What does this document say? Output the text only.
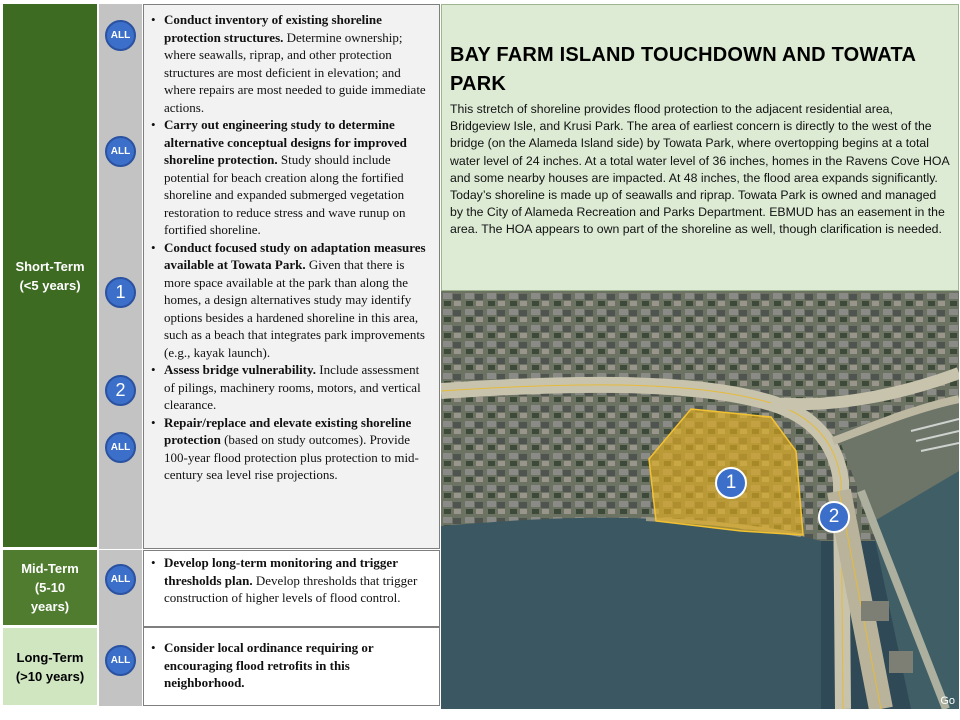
Short-Term
(<5 years)
Mid-Term
(5-10
years)
Long-Term
(>10 years)
ALL
ALL
1
2
ALL
ALL
ALL
• Conduct inventory of existing shoreline protection structures. Determine ownership; where seawalls, riprap, and other protection structures are most deficient in elevation; and where repairs are most needed to guide immediate actions.
• Carry out engineering study to determine alternative conceptual designs for improved shoreline protection. Study should include potential for beach creation along the fortified shoreline and expanded submerged vegetation restoration to reduce stress and wave runup on fortified shoreline.
• Conduct focused study on adaptation measures available at Towata Park. Given that there is more space available at the park than along the homes, a design alternatives study may identify options besides a hardened shoreline in this area, such as a beach that integrates park improvements (e.g., kayak launch).
• Assess bridge vulnerability. Include assessment of pilings, machinery rooms, motors, and vertical clearance.
• Repair/replace and elevate existing shoreline protection (based on study outcomes). Provide 100-year flood protection plus protection to mid-century sea level rise projections.
• Develop long-term monitoring and trigger thresholds plan. Develop thresholds that trigger construction of higher levels of flood control.
• Consider local ordinance requiring or encouraging flood retrofits in this neighborhood.
BAY FARM ISLAND TOUCHDOWN AND TOWATA PARK

This stretch of shoreline provides flood protection to the adjacent residential area, Bridgeview Isle, and Krusi Park. The area of earliest concern is directly to the west of the bridge (on the Alameda Island side) by Towata Park, where overtopping begins at a total water level of 24 inches. At a total water level of 36 inches, homes in the Ravens Cove HOA and some nearby houses are impacted. At 48 inches, the flood area expands significantly. Today’s shoreline is made up of seawalls and riprap. Towata Park is owned and managed by the City of Alameda Recreation and Parks Department. EBMUD has an easement in the area. The HOA appears to own part of the shoreline as well, though clarification is needed.

1
2
Go
